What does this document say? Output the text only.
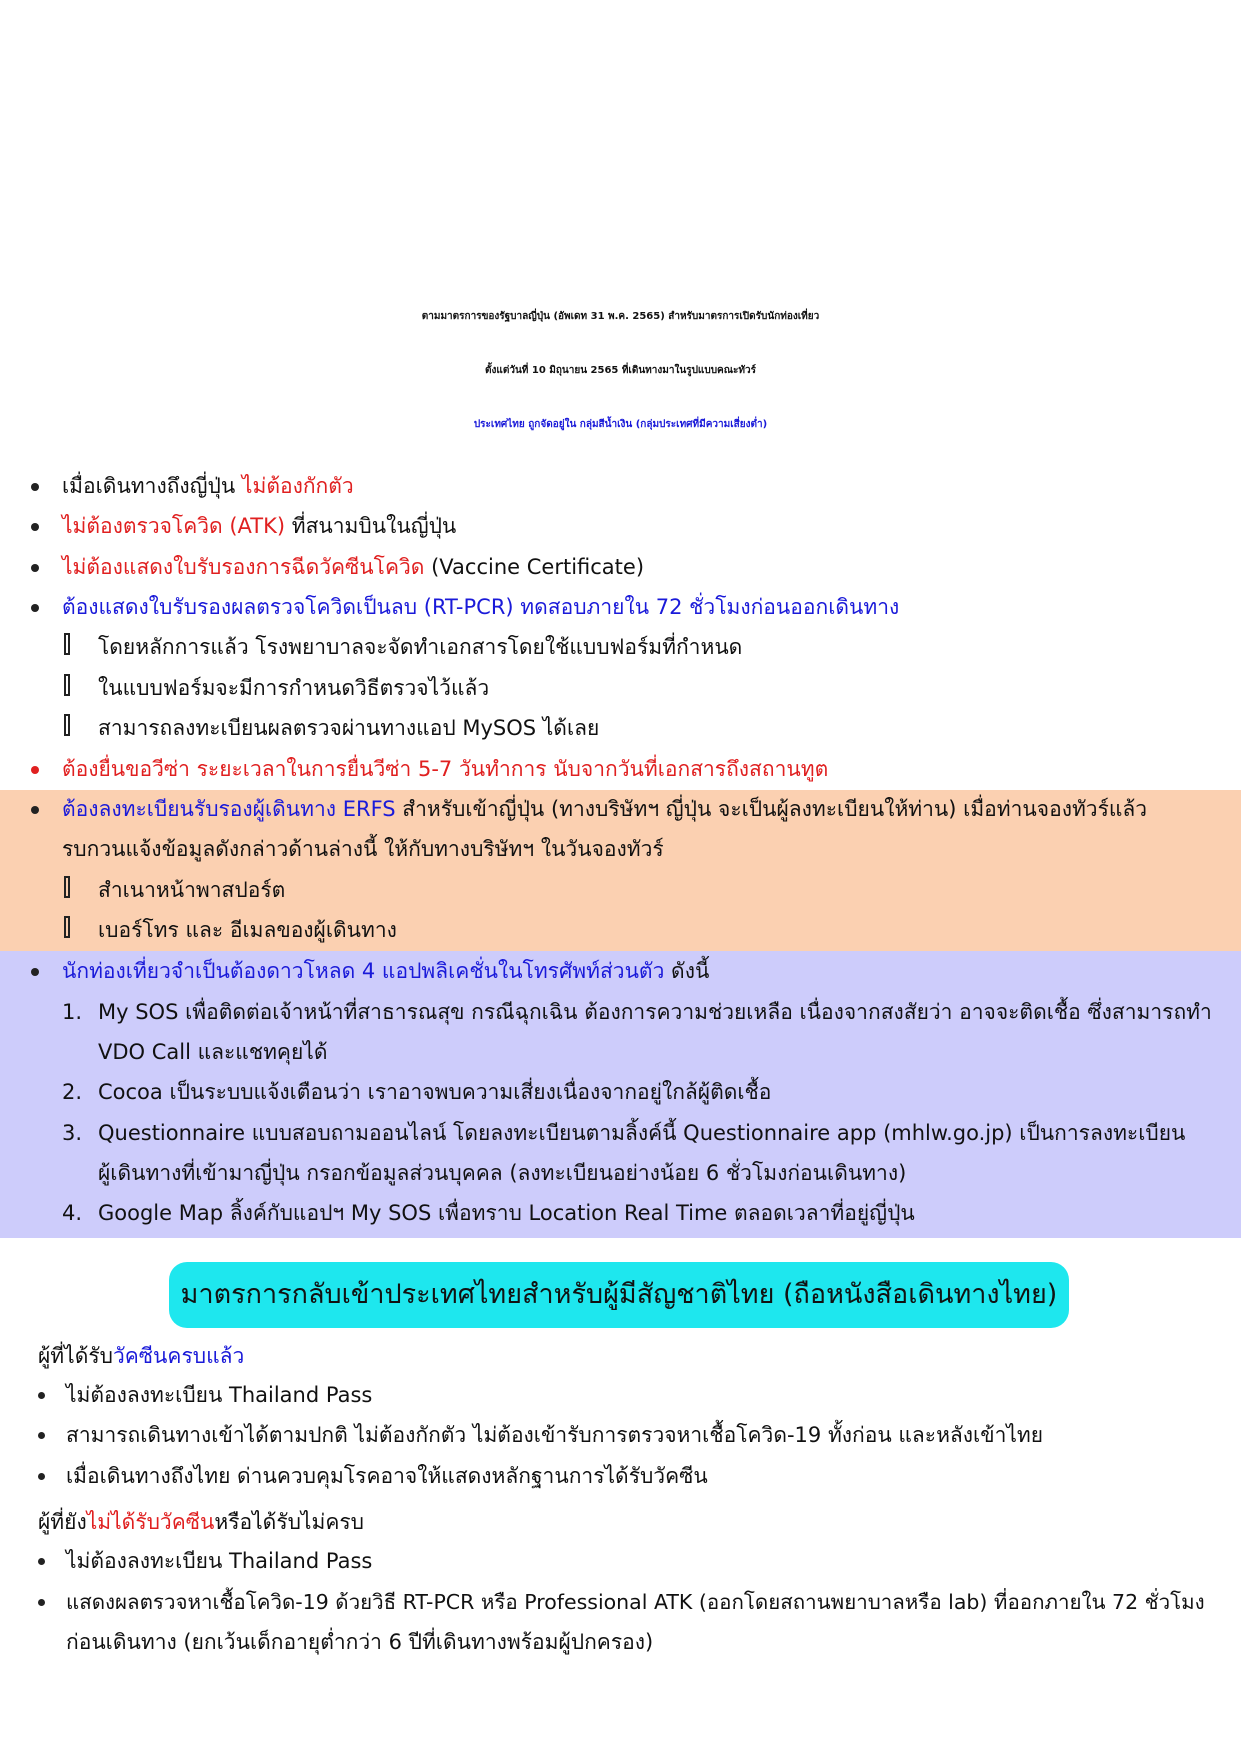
ตามมาตรการของรัฐบาลญี่ปุ่น (อัพเดท 31 พ.ค. 2565) สำหรับมาตรการเปิดรับนักท่องเที่ยว
ตั้งแต่วันที่ 10 มิถุนายน 2565 ที่เดินทางมาในรูปแบบคณะทัวร์
ประเทศไทย ถูกจัดอยู่ใน กลุ่มสีน้ำเงิน (กลุ่มประเทศที่มีความเสี่ยงต่ำ)
เมื่อเดินทางถึงญี่ปุ่น ไม่ต้องกักตัว
ไม่ต้องตรวจโควิด (ATK) ที่สนามบินในญี่ปุ่น
ไม่ต้องแสดงใบรับรองการฉีดวัคซีนโควิด (Vaccine Certificate)
ต้องแสดงใบรับรองผลตรวจโควิดเป็นลบ (RT-PCR) ทดสอบภายใน 72 ชั่วโมงก่อนออกเดินทาง
โดยหลักการแล้ว โรงพยาบาลจะจัดทำเอกสารโดยใช้แบบฟอร์มที่กำหนด
ในแบบฟอร์มจะมีการกำหนดวิธีตรวจไว้แล้ว
สามารถลงทะเบียนผลตรวจผ่านทางแอป MySOS ได้เลย
ต้องยื่นขอวีซ่า ระยะเวลาในการยื่นวีซ่า 5-7 วันทำการ นับจากวันที่เอกสารถึงสถานทูต
ต้องลงทะเบียนรับรองผู้เดินทาง ERFS สำหรับเข้าญี่ปุ่น (ทางบริษัทฯ ญี่ปุ่น จะเป็นผู้ลงทะเบียนให้ท่าน) เมื่อท่านจองทัวร์แล้ว
รบกวนแจ้งข้อมูลดังกล่าวด้านล่างนี้ ให้กับทางบริษัทฯ ในวันจองทัวร์
สำเนาหน้าพาสปอร์ต
เบอร์โทร และ อีเมลของผู้เดินทาง
นักท่องเที่ยวจำเป็นต้องดาวโหลด 4 แอปพลิเคชั่นในโทรศัพท์ส่วนตัว ดังนี้
1. My SOS เพื่อติดต่อเจ้าหน้าที่สาธารณสุข กรณีฉุกเฉิน ต้องการความช่วยเหลือ เนื่องจากสงสัยว่า อาจจะติดเชื้อ ซึ่งสามารถทำ
VDO Call และแชทคุยได้
2. Cocoa เป็นระบบแจ้งเตือนว่า เราอาจพบความเสี่ยงเนื่องจากอยู่ใกล้ผู้ติดเชื้อ
3. Questionnaire แบบสอบถามออนไลน์ โดยลงทะเบียนตามลิ้งค์นี้ Questionnaire app (mhlw.go.jp) เป็นการลงทะเบียน
ผู้เดินทางที่เข้ามาญี่ปุ่น กรอกข้อมูลส่วนบุคคล (ลงทะเบียนอย่างน้อย 6 ชั่วโมงก่อนเดินทาง)
4. Google Map ลิ้งค์กับแอปฯ My SOS เพื่อทราบ Location Real Time ตลอดเวลาที่อยู่ญี่ปุ่น
มาตรการกลับเข้าประเทศไทยสำหรับผู้มีสัญชาติไทย (ถือหนังสือเดินทางไทย)
ผู้ที่ได้รับวัคซีนครบแล้ว
ไม่ต้องลงทะเบียน Thailand Pass
สามารถเดินทางเข้าได้ตามปกติ ไม่ต้องกักตัว ไม่ต้องเข้ารับการตรวจหาเชื้อโควิด-19 ทั้งก่อน และหลังเข้าไทย
เมื่อเดินทางถึงไทย ด่านควบคุมโรคอาจให้แสดงหลักฐานการได้รับวัคซีน
ผู้ที่ยังไม่ได้รับวัคซีนหรือได้รับไม่ครบ
ไม่ต้องลงทะเบียน Thailand Pass
แสดงผลตรวจหาเชื้อโควิด-19 ด้วยวิธี RT-PCR หรือ Professional ATK (ออกโดยสถานพยาบาลหรือ lab) ที่ออกภายใน 72 ชั่วโมง
ก่อนเดินทาง (ยกเว้นเด็กอายุต่ำกว่า 6 ปีที่เดินทางพร้อมผู้ปกครอง)
